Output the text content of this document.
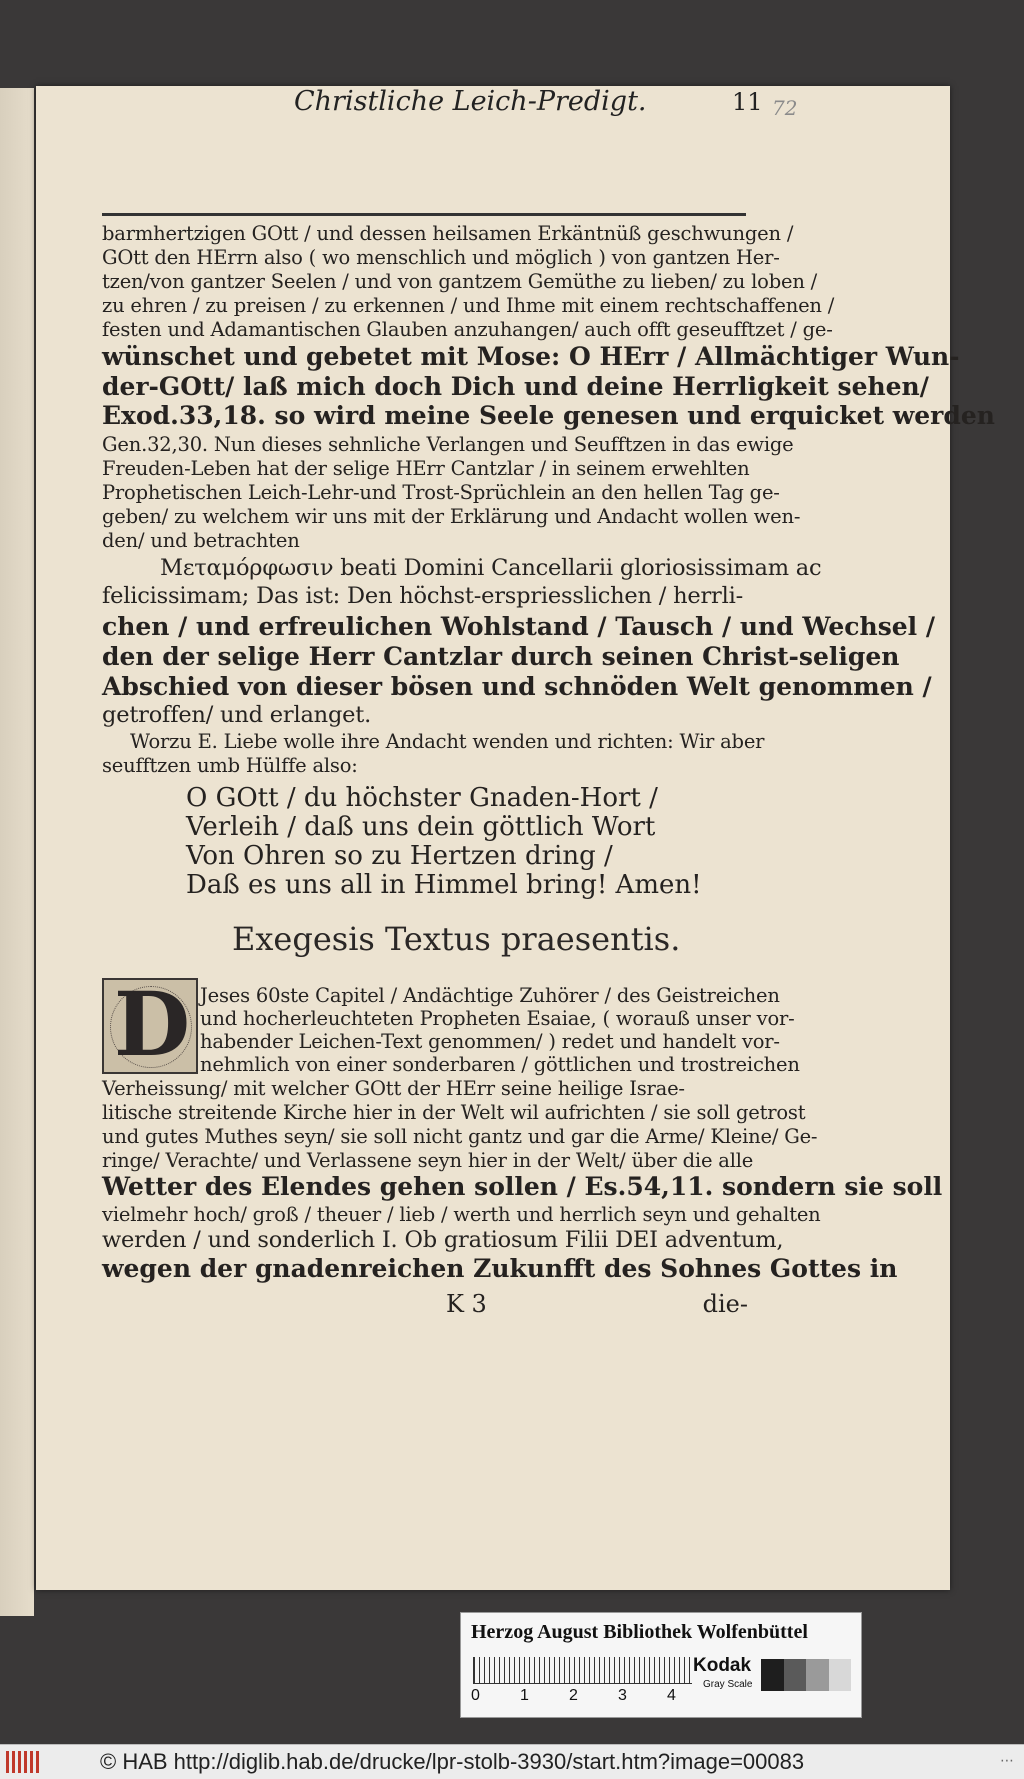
Christliche Leich-Predigt.	11 72
barmhertzigen GOtt / und dessen heilsamen Erkäntnüß geschwungen /
GOtt den HErrn also ( wo menschlich und möglich ) von gantzen Her-
tzen/von gantzer Seelen / und von gantzem Gemüthe zu lieben/ zu loben /
zu ehren / zu preisen / zu erkennen / und Ihme mit einem rechtschaffenen /
festen und Adamantischen Glauben anzuhangen/ auch offt geseufftzet / ge-
wünschet und gebetet mit Mose: O HErr / Allmächtiger Wun-
der-GOtt/ laß mich doch Dich und deine Herrligkeit sehen/
Exod.33,18. so wird meine Seele genesen und erquicket werden
Gen.32,30. Nun dieses sehnliche Verlangen und Seufftzen in das ewige
Freuden-Leben hat der selige HErr Cantzlar / in seinem erwehlten
Prophetischen Leich-Lehr-und Trost-Sprüchlein an den hellen Tag ge-
geben/ zu welchem wir uns mit der Erklärung und Andacht wollen wen-
den/ und betrachten
Μεταμόρφωσιν beati Domini Cancellarii gloriosissimam ac
felicissimam; Das ist: Den höchst-erspriesslichen / herrli-
chen / und erfreulichen Wohlstand / Tausch / und Wechsel /
den der selige Herr Cantzlar durch seinen Christ-seligen
Abschied von dieser bösen und schnöden Welt genommen /
getroffen/ und erlanget.
Worzu E. Liebe wolle ihre Andacht wenden und richten: Wir aber
seufftzen umb Hülffe also:
O GOtt / du höchster Gnaden-Hort /
Verleih / daß uns dein göttlich Wort
Von Ohren so zu Hertzen dring /
Daß es uns all in Himmel bring! Amen!
Exegesis Textus praesentis.
D Jeses 60ste Capitel / Andächtige Zuhörer / des Geistreichen
und hocherleuchteten Propheten Esaiae, ( worauß unser vor-
habender Leichen-Text genommen/ ) redet und handelt vor-
nehmlich von einer sonderbaren / göttlichen und trostreichen
Verheissung/ mit welcher GOtt der HErr seine heilige Israe-
litische streitende Kirche hier in der Welt wil aufrichten / sie soll getrost
und gutes Muthes seyn/ sie soll nicht gantz und gar die Arme/ Kleine/ Ge-
ringe/ Verachte/ und Verlassene seyn hier in der Welt/ über die alle
Wetter des Elendes gehen sollen / Es.54,11. sondern sie soll
vielmehr hoch/ groß / theuer / lieb / werth und herrlich seyn und gehalten
werden / und sonderlich I. Ob gratiosum Filii DEI adventum,
wegen der gnadenreichen Zukunfft des Sohnes Gottes in
K 3	die-
Herzog August Bibliothek Wolfenbüttel
0	1	2	3	4
Kodak
Gray Scale
© HAB http://diglib.hab.de/drucke/lpr-stolb-3930/start.htm?image=00083	⋯
